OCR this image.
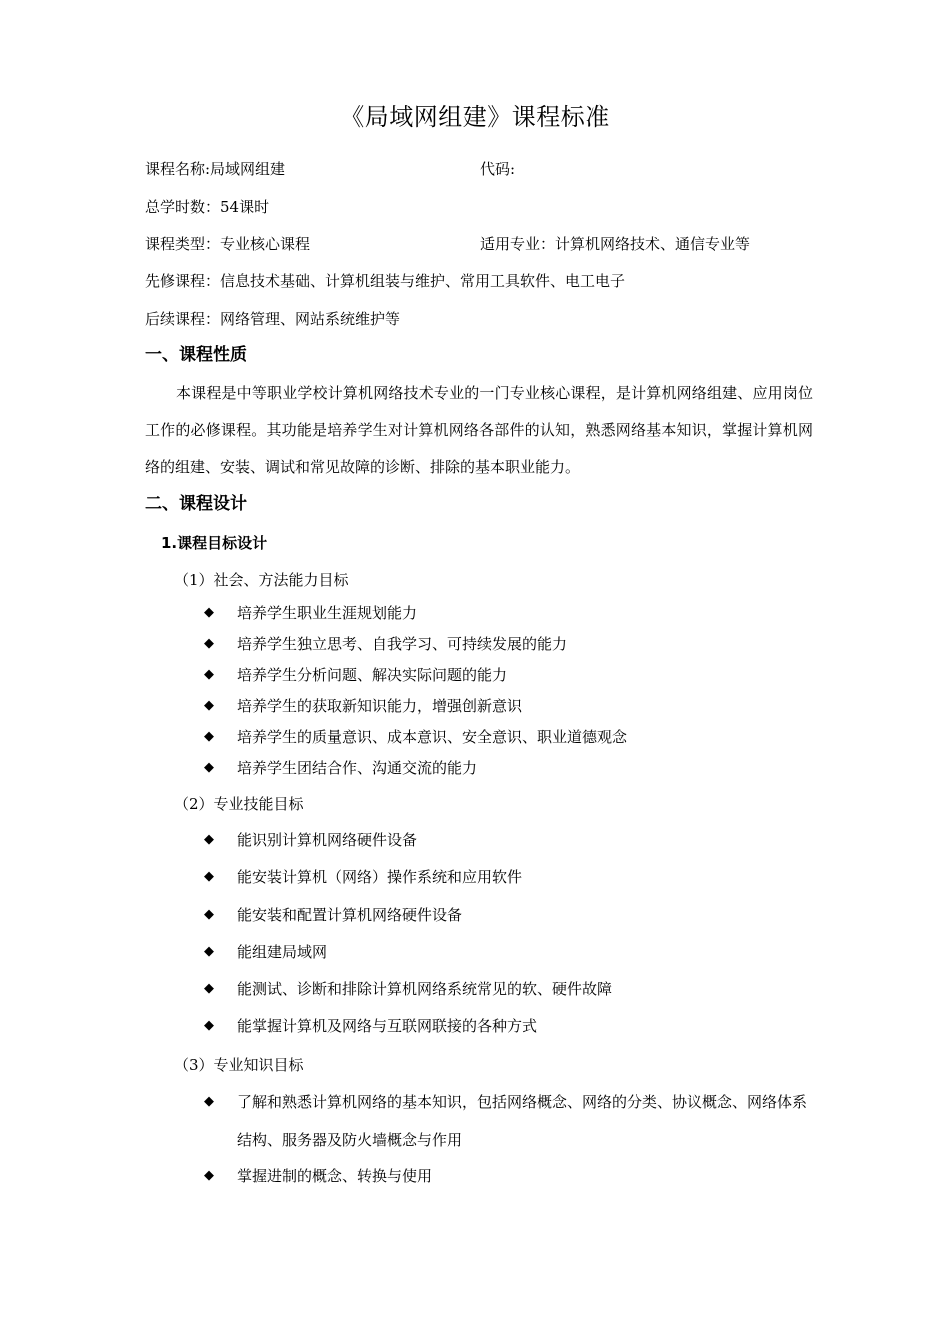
《局域网组建》课程标准
课程名称:局域网组建	代码:
总学时数：54课时
课程类型：专业核心课程	适用专业：计算机网络技术、通信专业等
先修课程：信息技术基础、计算机组装与维护、常用工具软件、电工电子
后续课程：网络管理、网站系统维护等
一、课程性质
本课程是中等职业学校计算机网络技术专业的一门专业核心课程，是计算机网络组建、应用岗位工作的必修课程。其功能是培养学生对计算机网络各部件的认知，熟悉网络基本知识，掌握计算机网络的组建、安装、调试和常见故障的诊断、排除的基本职业能力。
二、课程设计
1.课程目标设计
（1）社会、方法能力目标
◆ 培养学生职业生涯规划能力
◆ 培养学生独立思考、自我学习、可持续发展的能力
◆ 培养学生分析问题、解决实际问题的能力
◆ 培养学生的获取新知识能力，增强创新意识
◆ 培养学生的质量意识、成本意识、安全意识、职业道德观念
◆ 培养学生团结合作、沟通交流的能力
（2）专业技能目标
◆ 能识别计算机网络硬件设备
◆ 能安装计算机（网络）操作系统和应用软件
◆ 能安装和配置计算机网络硬件设备
◆ 能组建局域网
◆ 能测试、诊断和排除计算机网络系统常见的软、硬件故障
◆ 能掌握计算机及网络与互联网联接的各种方式
（3）专业知识目标
◆ 了解和熟悉计算机网络的基本知识，包括网络概念、网络的分类、协议概念、网络体系结构、服务器及防火墙概念与作用
◆ 掌握进制的概念、转换与使用
